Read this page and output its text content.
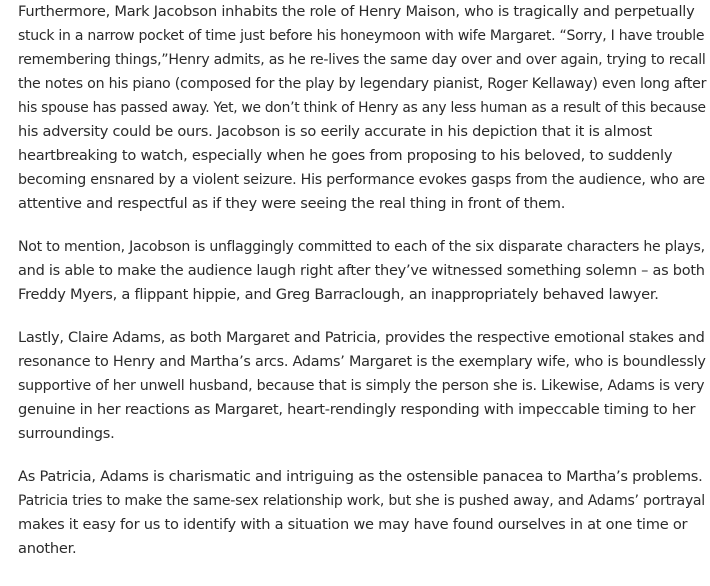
Furthermore, Mark Jacobson inhabits the role of Henry Maison, who is tragically and perpetually
stuck in a narrow pocket of time just before his honeymoon with wife Margaret. “Sorry, I have trouble
remembering things,”Henry admits, as he re-lives the same day over and over again, trying to recall
the notes on his piano (composed for the play by legendary pianist, Roger Kellaway) even long after
his spouse has passed away. Yet, we don’t think of Henry as any less human as a result of this because
his adversity could be ours. Jacobson is so eerily accurate in his depiction that it is almost
heartbreaking to watch, especially when he goes from proposing to his beloved, to suddenly
becoming ensnared by a violent seizure. His performance evokes gasps from the audience, who are
attentive and respectful as if they were seeing the real thing in front of them.

Not to mention, Jacobson is unflaggingly committed to each of the six disparate characters he plays,
and is able to make the audience laugh right after they’ve witnessed something solemn – as both
Freddy Myers, a flippant hippie, and Greg Barraclough, an inappropriately behaved lawyer.

Lastly, Claire Adams, as both Margaret and Patricia, provides the respective emotional stakes and
resonance to Henry and Martha’s arcs. Adams’ Margaret is the exemplary wife, who is boundlessly
supportive of her unwell husband, because that is simply the person she is. Likewise, Adams is very
genuine in her reactions as Margaret, heart-rendingly responding with impeccable timing to her
surroundings.

As Patricia, Adams is charismatic and intriguing as the ostensible panacea to Martha’s problems.
Patricia tries to make the same-sex relationship work, but she is pushed away, and Adams’ portrayal
makes it easy for us to identify with a situation we may have found ourselves in at one time or
another.
